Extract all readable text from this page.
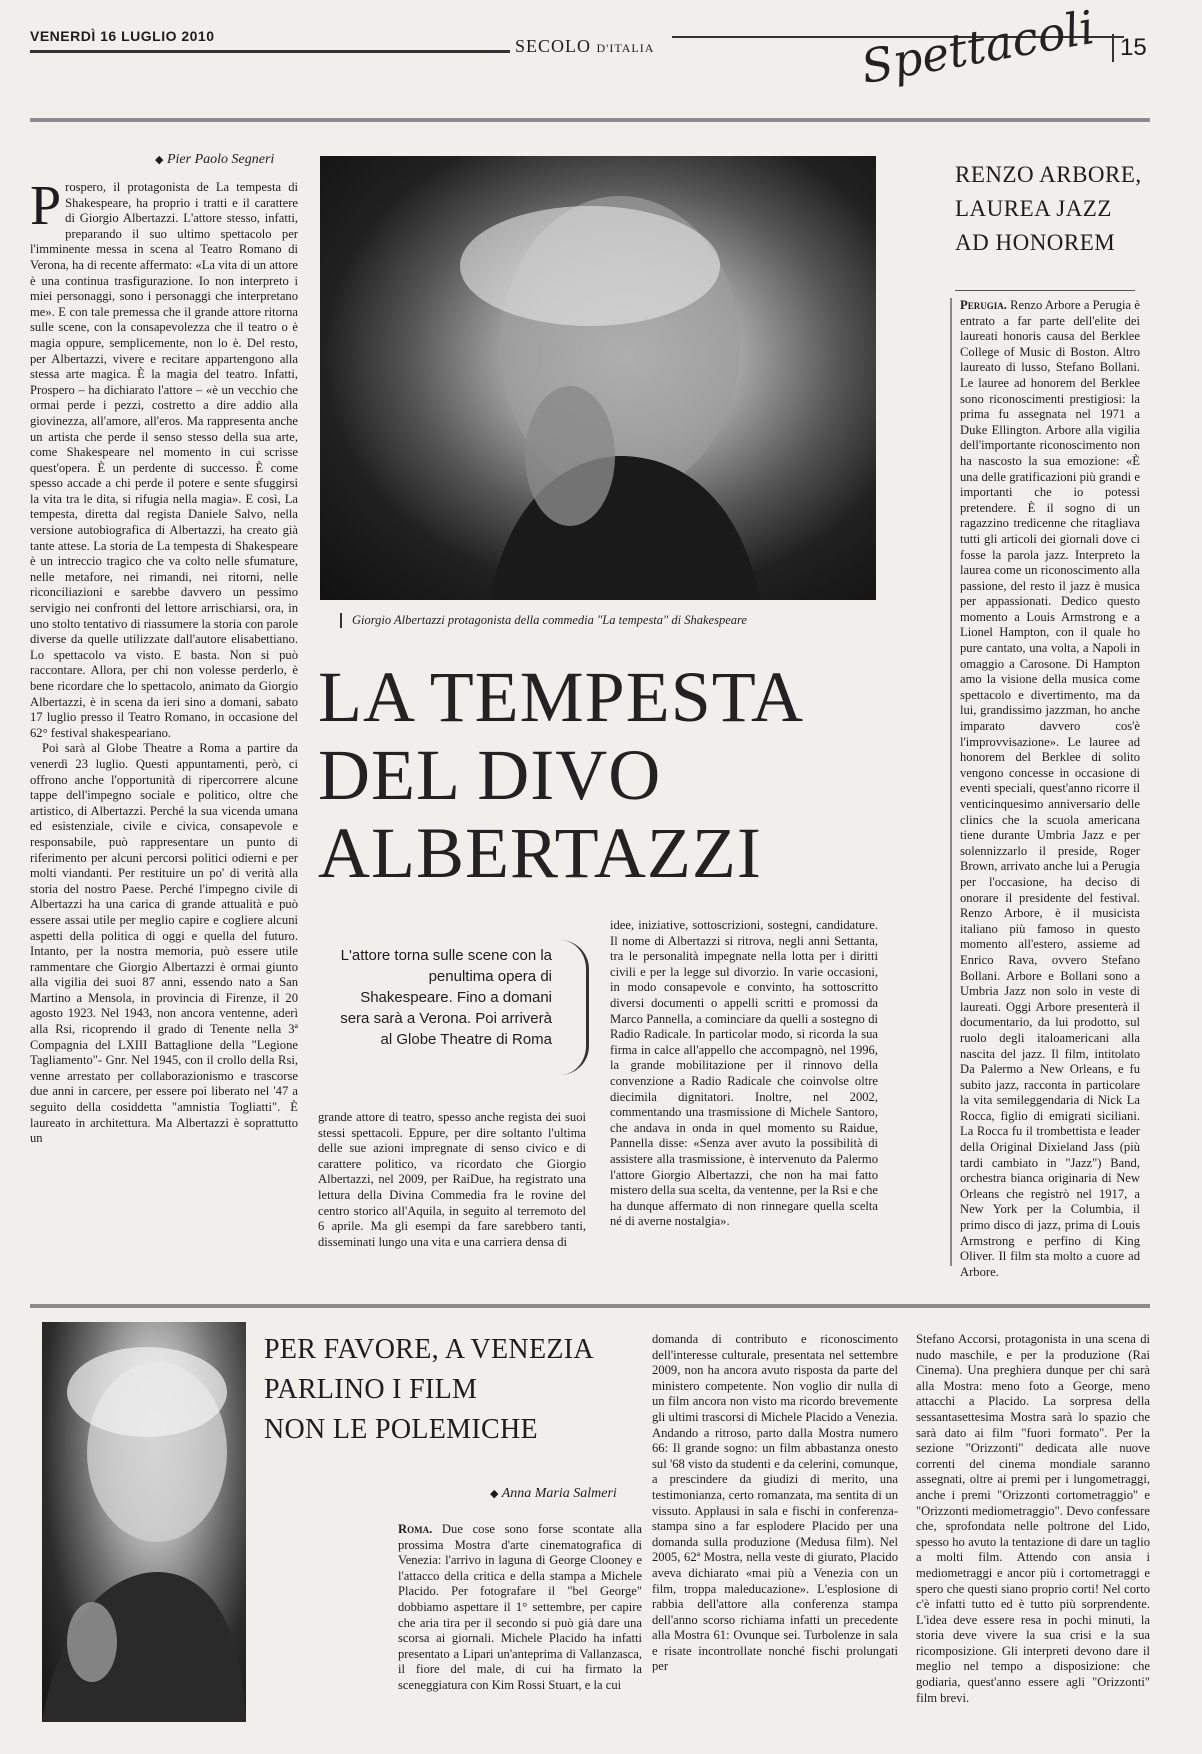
VENERDÌ 16 LUGLIO 2010	SECOLO D'ITALIA	Spettacoli 15
◆ Pier Paolo Segneri
P rospero, il protagonista de La tempesta di Shakespeare, ha proprio i tratti e il carattere di Giorgio Albertazzi. L'attore stesso, infatti, preparando il suo ultimo spettacolo per l'imminente messa in scena al Teatro Romano di Verona, ha di recente affermato: «La vita di un attore è una continua trasfigurazione. Io non interpreto i miei personaggi, sono i personaggi che interpretano me». E con tale premessa che il grande attore ritorna sulle scene, con la consapevolezza che il teatro o è magia oppure, semplicemente, non lo è. Del resto, per Albertazzi, vivere e recitare appartengono alla stessa arte magica. È la magia del teatro. Infatti, Prospero – ha dichiarato l'attore – «è un vecchio che ormai perde i pezzi, costretto a dire addio alla giovinezza, all'amore, all'eros. Ma rappresenta anche un artista che perde il senso stesso della sua arte, come Shakespeare nel momento in cui scrisse quest'opera. È un perdente di successo. È come spesso accade a chi perde il potere e sente sfuggirsi la vita tra le dita, si rifugia nella magia». E così, La tempesta, diretta dal regista Daniele Salvo, nella versione autobiografica di Albertazzi, ha creato già tante attese. La storia de La tempesta di Shakespeare è un intreccio tragico che va colto nelle sfumature, nelle metafore, nei rimandi, nei ritorni, nelle riconciliazioni e sarebbe davvero un pessimo servigio nei confronti del lettore arrischiarsi, ora, in uno stolto tentativo di riassumere la storia con parole diverse da quelle utilizzate dall'autore elisabettiano. Lo spettacolo va visto. E basta. Non si può raccontare. Allora, per chi non volesse perderlo, è bene ricordare che lo spettacolo, animato da Giorgio Albertazzi, è in scena da ieri sino a domani, sabato 17 luglio presso il Teatro Romano, in occasione del 62° festival shakespeariano.

Poi sarà al Globe Theatre a Roma a partire da venerdì 23 luglio. Questi appuntamenti, però, ci offrono anche l'opportunità di ripercorrere alcune tappe dell'impegno sociale e politico, oltre che artistico, di Albertazzi. Perché la sua vicenda umana ed esistenziale, civile e civica, consapevole e responsabile, può rappresentare un punto di riferimento per alcuni percorsi politici odierni e per molti viandanti. Per restituire un po' di verità alla storia del nostro Paese. Perché l'impegno civile di Albertazzi ha una carica di grande attualità e può essere assai utile per meglio capire e cogliere alcuni aspetti della politica di oggi e quella del futuro. Intanto, per la nostra memoria, può essere utile rammentare che Giorgio Albertazzi è ormai giunto alla vigilia dei suoi 87 anni, essendo nato a San Martino a Mensola, in provincia di Firenze, il 20 agosto 1923. Nel 1943, non ancora ventenne, aderì alla Rsi, ricoprendo il grado di Tenente nella 3ª Compagnia del LXIII Battaglione della "Legione Tagliamento"- Gnr. Nel 1945, con il crollo della Rsi, venne arrestato per collaborazionismo e trascorse due anni in carcere, per essere poi liberato nel '47 a seguito della cosiddetta "amnistia Togliatti". È laureato in architettura. Ma Albertazzi è soprattutto un

Giorgio Albertazzi protagonista della commedia "La tempesta" di Shakespeare
LA TEMPESTA
DEL DIVO
ALBERTAZZI
L'attore torna sulle scene con la penultima opera di Shakespeare. Fino a domani sera sarà a Verona. Poi arriverà al Globe Theatre di Roma
grande attore di teatro, spesso anche regista dei suoi stessi spettacoli. Eppure, per dire soltanto l'ultima delle sue azioni impregnate di senso civico e di carattere politico, va ricordato che Giorgio Albertazzi, nel 2009, per RaiDue, ha registrato una lettura della Divina Commedia fra le rovine del centro storico all'Aquila, in seguito al terremoto del 6 aprile. Ma gli esempi da fare sarebbero tanti, disseminati lungo una vita e una carriera densa di
idee, iniziative, sottoscrizioni, sostegni, candidature. Il nome di Albertazzi si ritrova, negli anni Settanta, tra le personalità impegnate nella lotta per i diritti civili e per la legge sul divorzio. In varie occasioni, in modo consapevole e convinto, ha sottoscritto diversi documenti o appelli scritti e promossi da Marco Pannella, a cominciare da quelli a sostegno di Radio Radicale. In particolar modo, si ricorda la sua firma in calce all'appello che accompagnò, nel 1996, la grande mobilitazione per il rinnovo della convenzione a Radio Radicale che coinvolse oltre diecimila dignitatori. Inoltre, nel 2002, commentando una trasmissione di Michele Santoro, che andava in onda in quel momento su Raidue, Pannella disse: «Senza aver avuto la possibilità di assistere alla trasmissione, è intervenuto da Palermo l'attore Giorgio Albertazzi, che non ha mai fatto mistero della sua scelta, da ventenne, per la Rsi e che ha dunque affermato di non rinnegare quella scelta né di averne nostalgia».
RENZO ARBORE,
LAUREA JAZZ
AD HONOREM
Perugia. Renzo Arbore a Perugia è entrato a far parte dell'elite dei laureati honoris causa del Berklee College of Music di Boston. Altro laureato di lusso, Stefano Bollani. Le lauree ad honorem del Berklee sono riconoscimenti prestigiosi: la prima fu assegnata nel 1971 a Duke Ellington. Arbore alla vigilia dell'importante riconoscimento non ha nascosto la sua emozione: «È una delle gratificazioni più grandi e importanti che io potessi pretendere. È il sogno di un ragazzino tredicenne che ritagliava tutti gli articoli dei giornali dove ci fosse la parola jazz. Interpreto la laurea come un riconoscimento alla passione, del resto il jazz è musica per appassionati. Dedico questo momento a Louis Armstrong e a Lionel Hampton, con il quale ho pure cantato, una volta, a Napoli in omaggio a Carosone. Di Hampton amo la visione della musica come spettacolo e divertimento, ma da lui, grandissimo jazzman, ho anche imparato davvero cos'è l'improvvisazione». Le lauree ad honorem del Berklee di solito vengono concesse in occasione di eventi speciali, quest'anno ricorre il venticinquesimo anniversario delle clinics che la scuola americana tiene durante Umbria Jazz e per solennizzarlo il preside, Roger Brown, arrivato anche lui a Perugia per l'occasione, ha deciso di onorare il presidente del festival. Renzo Arbore, è il musicista italiano più famoso in questo momento all'estero, assieme ad Enrico Rava, ovvero Stefano Bollani. Arbore e Bollani sono a Umbria Jazz non solo in veste di laureati. Oggi Arbore presenterà il documentario, da lui prodotto, sul ruolo degli italoamericani alla nascita del jazz. Il film, intitolato Da Palermo a New Orleans, e fu subito jazz, racconta in particolare la vita semileggendaria di Nick La Rocca, figlio di emigrati siciliani. La Rocca fu il trombettista e leader della Original Dixieland Jass (più tardi cambiato in "Jazz") Band, orchestra bianca originaria di New Orleans che registrò nel 1917, a New York per la Columbia, il primo disco di jazz, prima di Louis Armstrong e perfino di King Oliver. Il film sta molto a cuore ad Arbore.
PER FAVORE, A VENEZIA
PARLINO I FILM
NON LE POLEMICHE
◆ Anna Maria Salmeri
Roma. Due cose sono forse scontate alla prossima Mostra d'arte cinematografica di Venezia: l'arrivo in laguna di George Clooney e l'attacco della critica e della stampa a Michele Placido. Per fotografare il "bel George" dobbiamo aspettare il 1° settembre, per capire che aria tira per il secondo si può già dare una scorsa ai giornali. Michele Placido ha infatti presentato a Lipari un'anteprima di Vallanzasca, il fiore del male, di cui ha firmato la sceneggiatura con Kim Rossi Stuart, e la cui
domanda di contributo e riconoscimento dell'interesse culturale, presentata nel settembre 2009, non ha ancora avuto risposta da parte del ministero competente. Non voglio dir nulla di un film ancora non visto ma ricordo brevemente gli ultimi trascorsi di Michele Placido a Venezia. Andando a ritroso, parto dalla Mostra numero 66: Il grande sogno: un film abbastanza onesto sul '68 visto da studenti e da celerini, comunque, a prescindere da giudizi di merito, una testimonianza, certo romanzata, ma sentita di un vissuto. Applausi in sala e fischi in conferenza-stampa sino a far esplodere Placido per una domanda sulla produzione (Medusa film). Nel 2005, 62ª Mostra, nella veste di giurato, Placido aveva dichiarato «mai più a Venezia con un film, troppa maleducazione». L'esplosione di rabbia dell'attore alla conferenza stampa dell'anno scorso richiama infatti un precedente alla Mostra 61: Ovunque sei. Turbolenze in sala e risate incontrollate nonché fischi prolungati per
Stefano Accorsi, protagonista in una scena di nudo maschile, e per la produzione (Rai Cinema). Una preghiera dunque per chi sarà alla Mostra: meno foto a George, meno attacchi a Placido. La sorpresa della sessantasettesima Mostra sarà lo spazio che sarà dato ai film "fuori formato". Per la sezione "Orizzonti" dedicata alle nuove correnti del cinema mondiale saranno assegnati, oltre ai premi per i lungometraggi, anche i premi "Orizzonti cortometraggio" e "Orizzonti mediometraggio". Devo confessare che, sprofondata nelle poltrone del Lido, spesso ho avuto la tentazione di dare un taglio a molti film. Attendo con ansia i mediometraggi e ancor più i cortometraggi e spero che questi siano proprio corti! Nel corto c'è infatti tutto ed è tutto più sorprendente. L'idea deve essere resa in pochi minuti, la storia deve vivere la sua crisi e la sua ricomposizione. Gli interpreti devono dare il meglio nel tempo a disposizione: che godiaria, quest'anno essere agli "Orizzonti" film brevi.
